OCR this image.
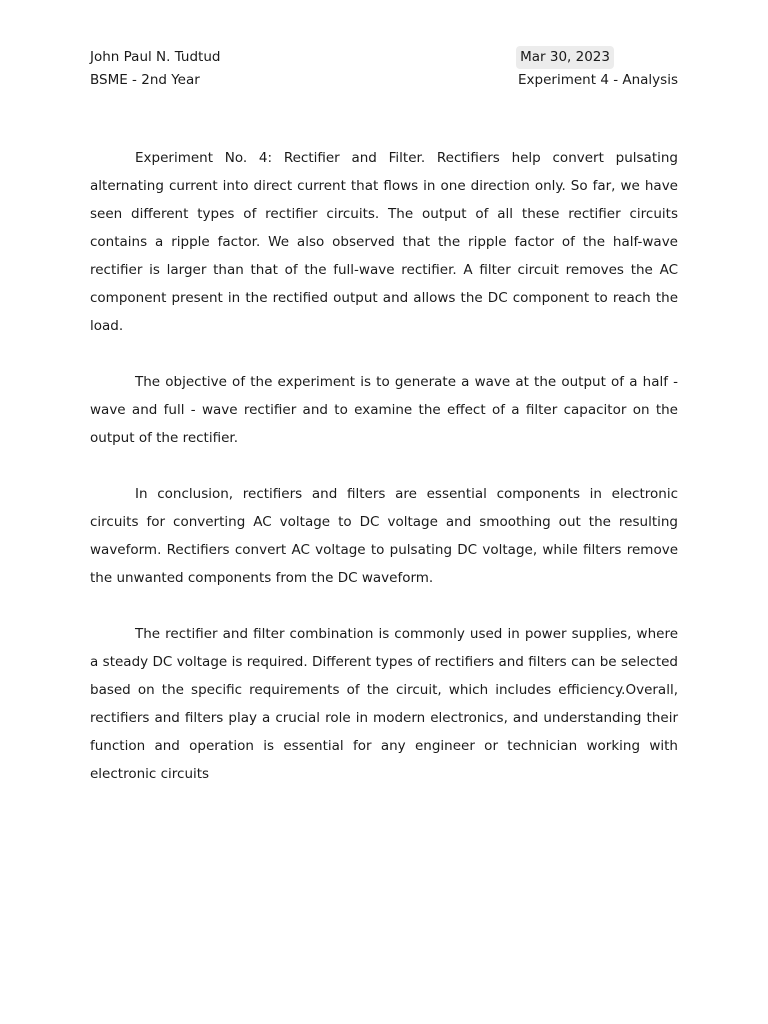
John Paul N. Tudtud	Mar 30, 2023
BSME - 2nd Year	Experiment 4 - Analysis

Experiment No. 4: Rectifier and Filter. Rectifiers help convert pulsating alternating current into direct current that flows in one direction only. So far, we have seen different types of rectifier circuits. The output of all these rectifier circuits contains a ripple factor. We also observed that the ripple factor of the half-wave rectifier is larger than that of the full-wave rectifier. A filter circuit removes the AC component present in the rectified output and allows the DC component to reach the load.

The objective of the experiment is to generate a wave at the output of a half - wave and full - wave rectifier and to examine the effect of a filter capacitor on the output of the rectifier.

In conclusion, rectifiers and filters are essential components in electronic circuits for converting AC voltage to DC voltage and smoothing out the resulting waveform. Rectifiers convert AC voltage to pulsating DC voltage, while filters remove the unwanted components from the DC waveform.

The rectifier and filter combination is commonly used in power supplies, where a steady DC voltage is required. Different types of rectifiers and filters can be selected based on the specific requirements of the circuit, which includes efficiency.Overall, rectifiers and filters play a crucial role in modern electronics, and understanding their function and operation is essential for any engineer or technician working with electronic circuits
